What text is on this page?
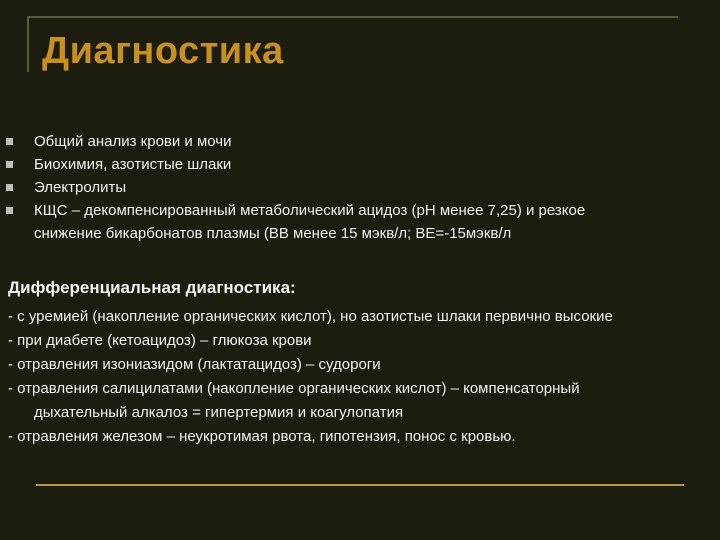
Диагностика
Общий анализ крови и мочи
Биохимия, азотистые шлаки
Электролиты
КЩС – декомпенсированный метаболический ацидоз (рН менее 7,25) и резкое
снижение бикарбонатов плазмы (ВВ менее 15 мэкв/л; ВЕ=-15мэкв/л
Дифференциальная диагностика:
- с уремией (накопление органических кислот), но азотистые шлаки первично высокие
- при диабете (кетоацидоз) – глюкоза крови
- отравления изониазидом (лактатацидоз) – судороги
- отравления салицилатами (накопление органических кислот) – компенсаторный
дыхательный алкалоз = гипертермия и коагулопатия
- отравления железом – неукротимая рвота, гипотензия, понос с кровью.
